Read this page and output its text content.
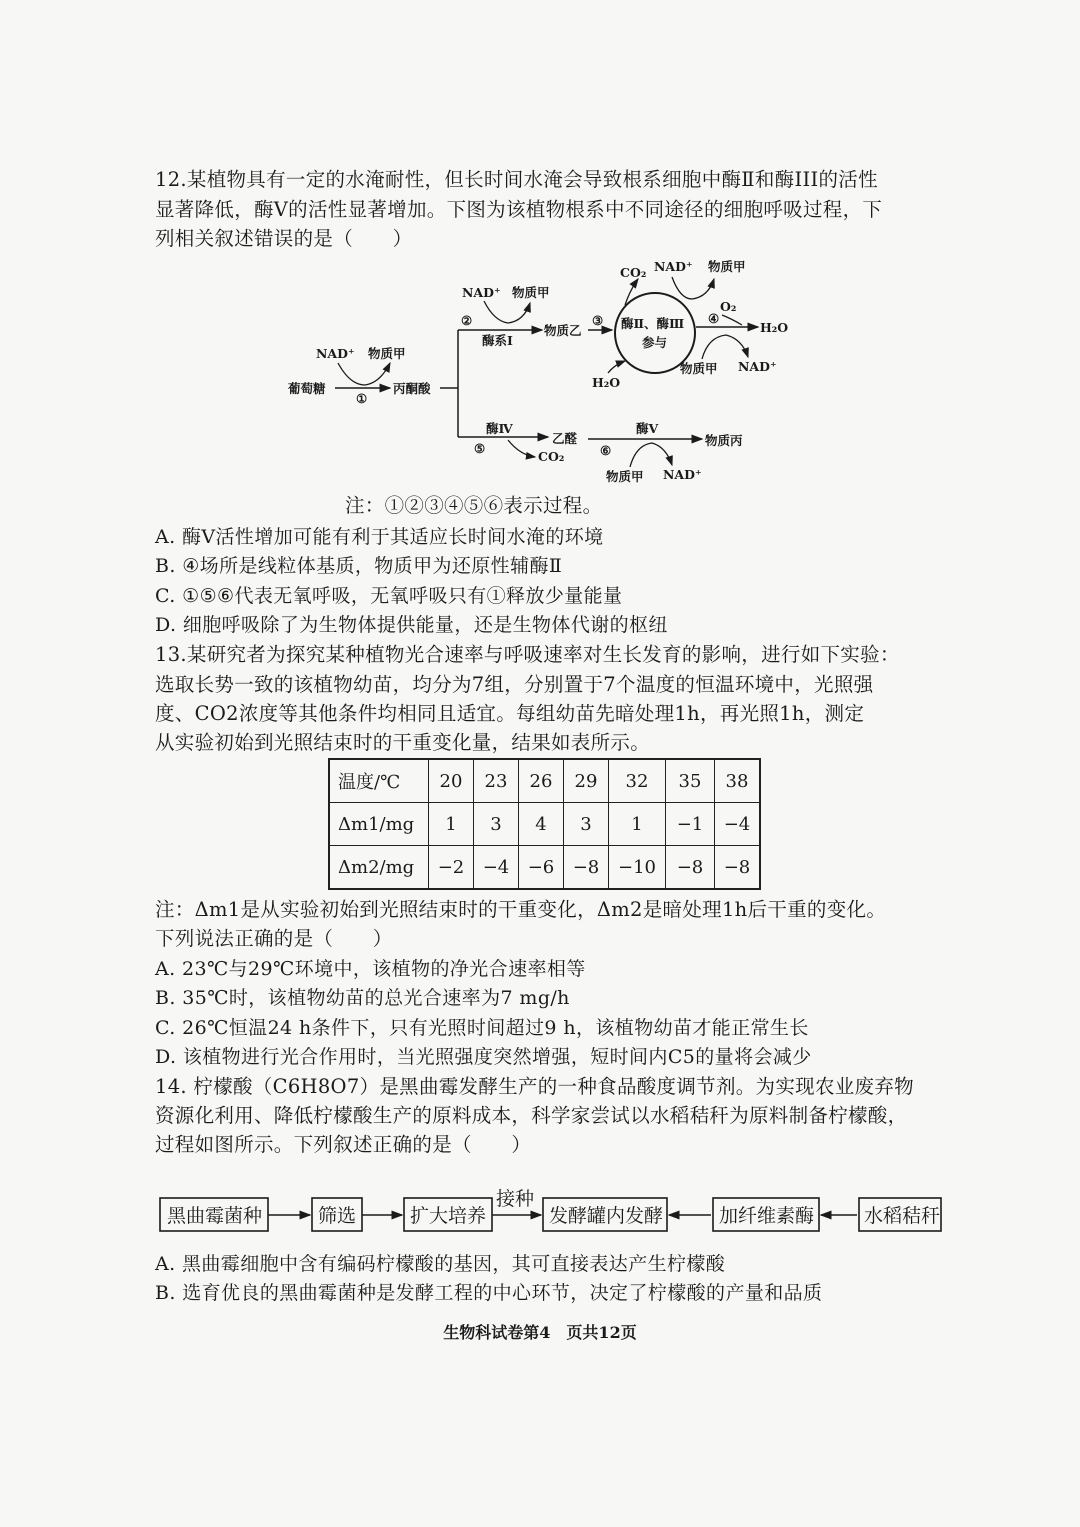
12.某植物具有一定的水淹耐性，但长时间水淹会导致根系细胞中酶Ⅱ和酶III的活性
显著降低，酶Ⅴ的活性显著增加。下图为该植物根系中不同途径的细胞呼吸过程，下
列相关叙述错误的是（　　）
葡萄糖
NAD⁺ 物质甲
①
丙酮酸
②
NAD⁺ 物质甲
酶系Ⅰ
物质乙
③ 酶Ⅱ、酶Ⅲ
参与
CO₂ NAD⁺ 物质甲
H₂O
④
O₂
H₂O
物质甲 NAD⁺
酶Ⅳ
⑤
CO₂
乙醛
酶Ⅴ
⑥
物质丙
物质甲 NAD⁺
注：①②③④⑤⑥表示过程。
A. 酶Ⅴ活性增加可能有利于其适应长时间水淹的环境
B. ④场所是线粒体基质，物质甲为还原性辅酶Ⅱ
C. ①⑤⑥代表无氧呼吸，无氧呼吸只有①释放少量能量
D. 细胞呼吸除了为生物体提供能量，还是生物体代谢的枢纽
13.某研究者为探究某种植物光合速率与呼吸速率对生长发育的影响，进行如下实验：
选取长势一致的该植物幼苗，均分为7组，分别置于7个温度的恒温环境中，光照强
度、CO2浓度等其他条件均相同且适宜。每组幼苗先暗处理1h，再光照1h，测定
从实验初始到光照结束时的干重变化量，结果如表所示。
温度/℃	20	23	26	29	32	35	38
Δm1/mg	1	3	4	3	1	−1	−4
Δm2/mg	−2	−4	−6	−8	−10	−8	−8
注：Δm1是从实验初始到光照结束时的干重变化，Δm2是暗处理1h后干重的变化。
下列说法正确的是（　　）
A. 23℃与29℃环境中，该植物的净光合速率相等
B. 35℃时，该植物幼苗的总光合速率为7 mg/h
C. 26℃恒温24 h条件下，只有光照时间超过9 h，该植物幼苗才能正常生长
D. 该植物进行光合作用时，当光照强度突然增强，短时间内C5的量将会减少
14. 柠檬酸（C6H8O7）是黑曲霉发酵生产的一种食品酸度调节剂。为实现农业废弃物
资源化利用、降低柠檬酸生产的原料成本，科学家尝试以水稻秸秆为原料制备柠檬酸，
过程如图所示。下列叙述正确的是（　　）
黑曲霉菌种	筛选	扩大培养
接种
发酵罐内发酵	加纤维素酶	水稻秸秆
A. 黑曲霉细胞中含有编码柠檬酸的基因，其可直接表达产生柠檬酸
B. 选育优良的黑曲霉菌种是发酵工程的中心环节，决定了柠檬酸的产量和品质
生物科试卷第4　页共12页
